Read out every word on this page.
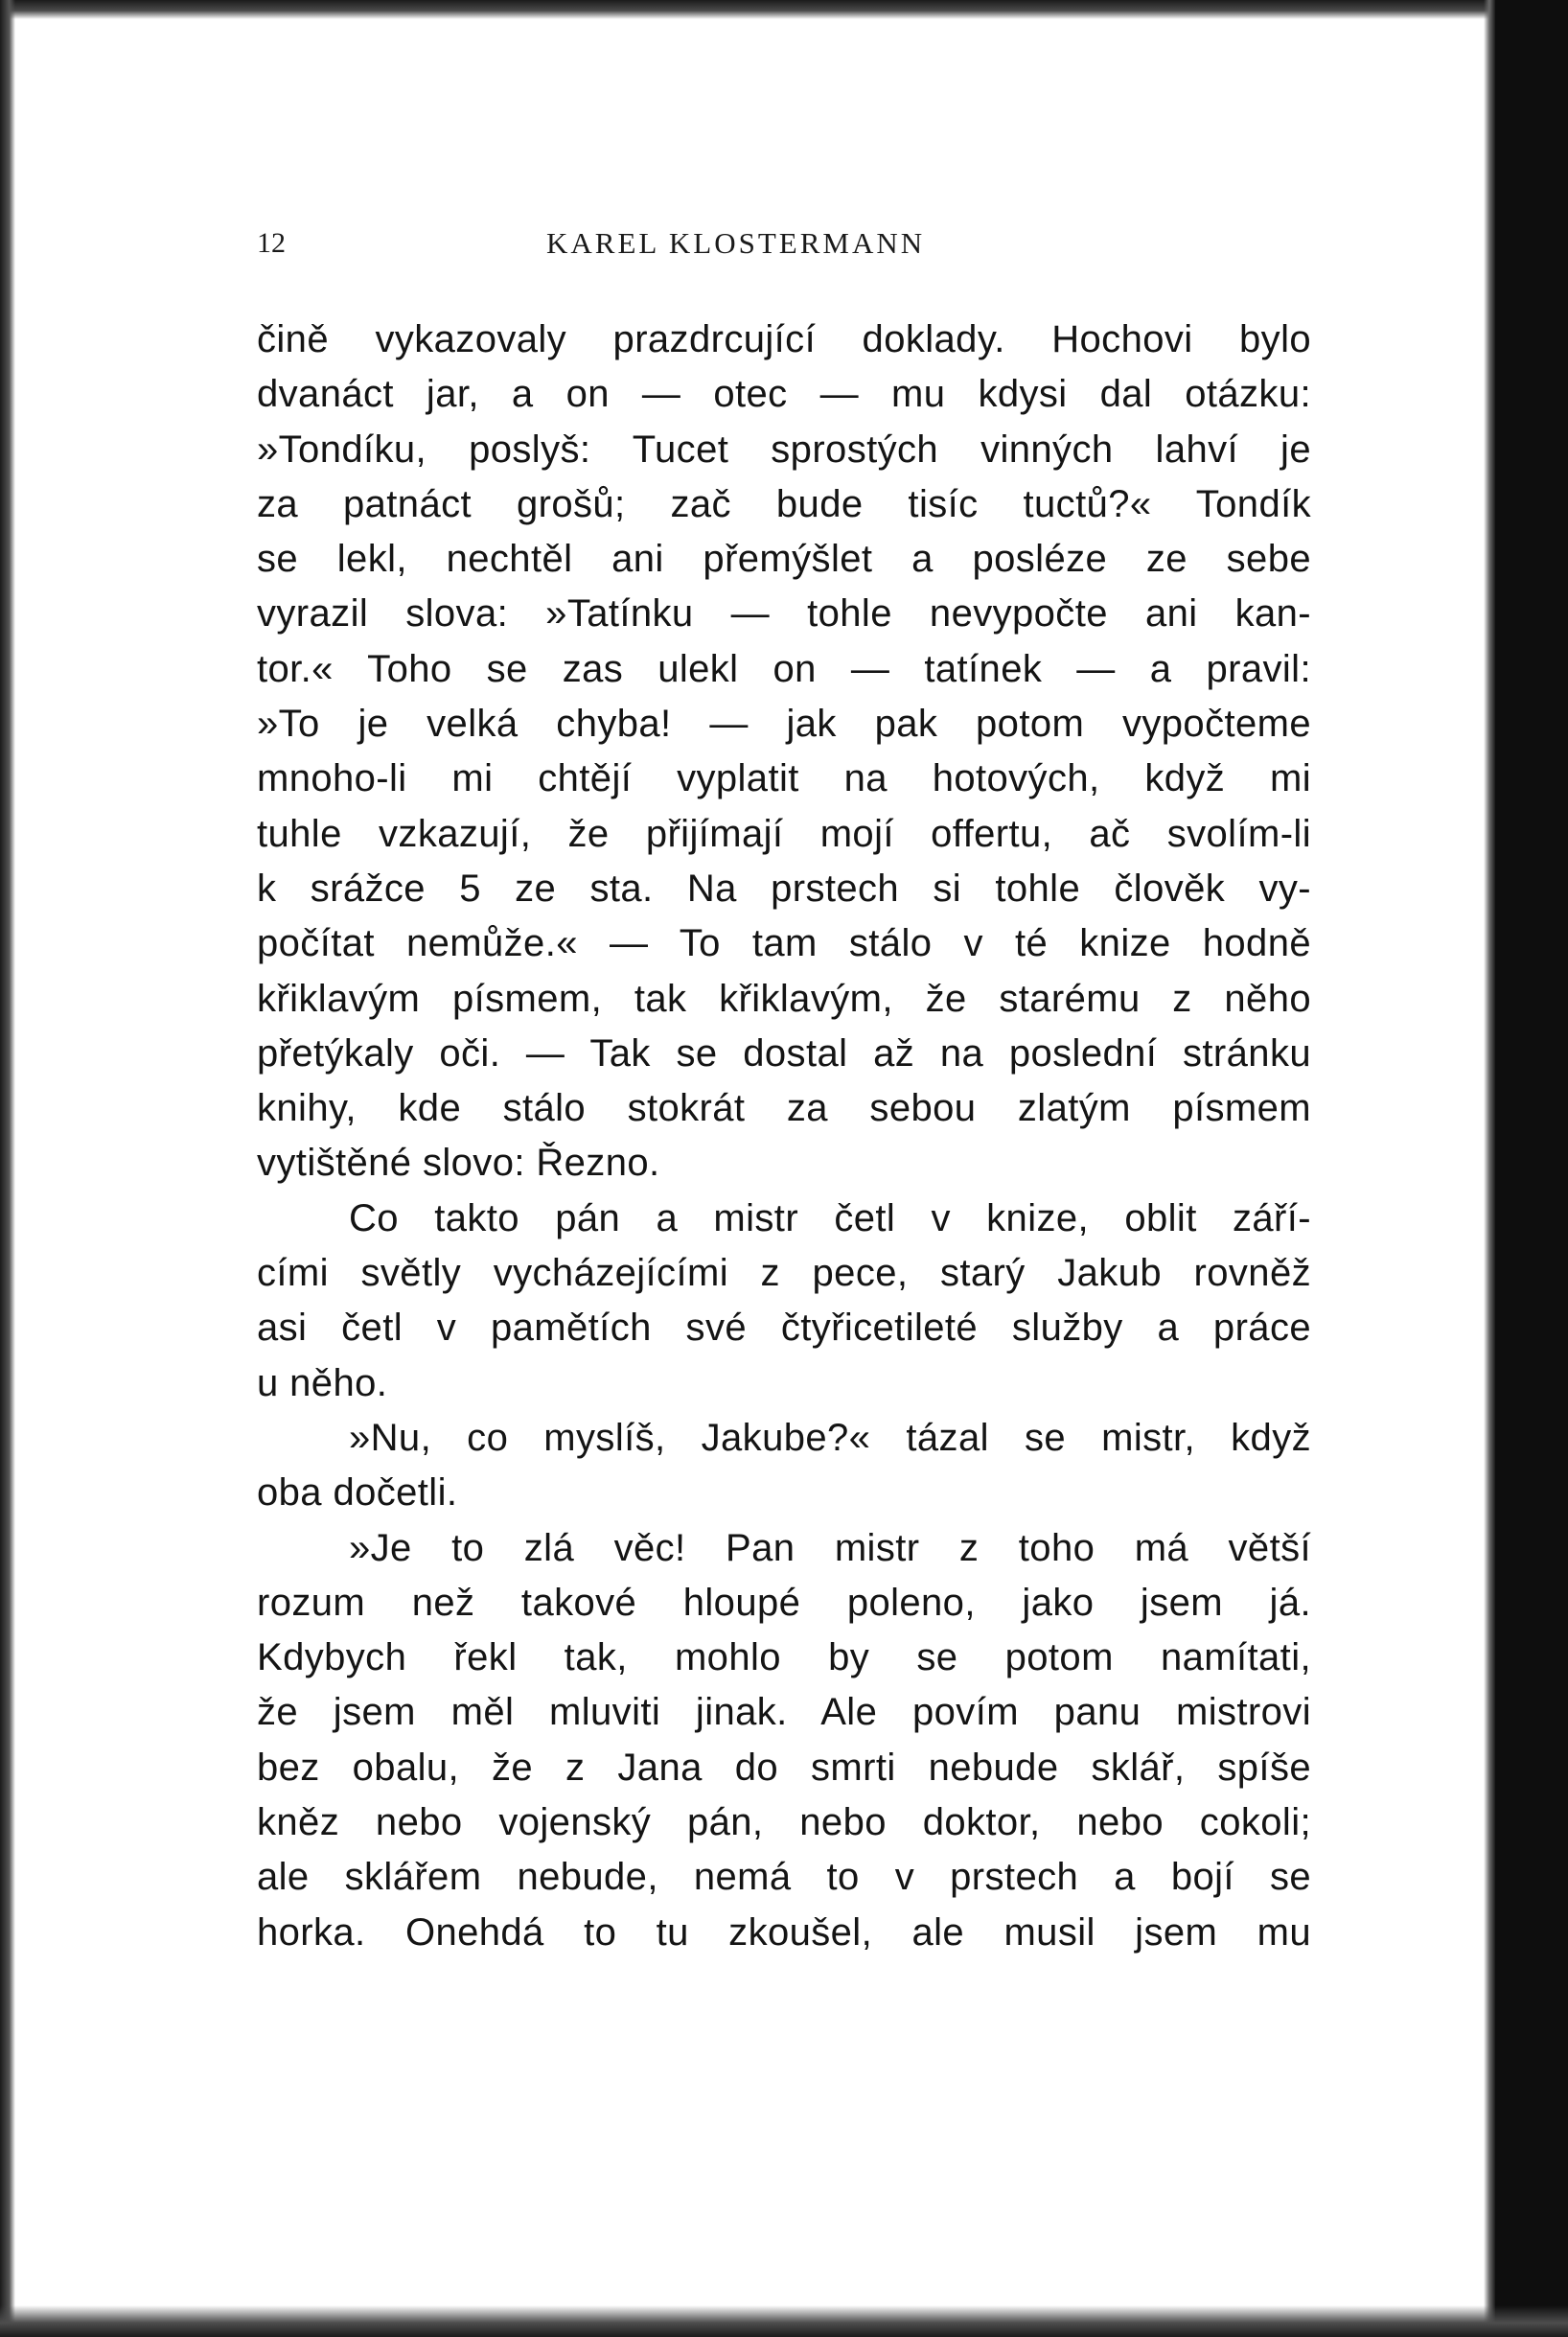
12	KAREL KLOSTERMANN
čině vykazovaly prazdrcující doklady. Hochovi bylo
dvanáct jar, a on — otec — mu kdysi dal otázku:
»Tondíku, poslyš: Tucet sprostých vinných lahví je
za patnáct grošů; zač bude tisíc tuctů?« Tondík
se lekl, nechtěl ani přemýšlet a posléze ze sebe
vyrazil slova: »Tatínku — tohle nevypočte ani kan-
tor.« Toho se zas ulekl on — tatínek — a pravil:
»To je velká chyba! — jak pak potom vypočteme
mnoho-li mi chtějí vyplatit na hotových, když mi
tuhle vzkazují, že přijímají mojí offertu, ač svolím-li
k srážce 5 ze sta. Na prstech si tohle člověk vy-
počítat nemůže.« — To tam stálo v té knize hodně
křiklavým písmem, tak křiklavým, že starému z něho
přetýkaly oči. — Tak se dostal až na poslední stránku
knihy, kde stálo stokrát za sebou zlatým písmem
vytištěné slovo: Řezno.
Co takto pán a mistr četl v knize, oblit září-
cími světly vycházejícími z pece, starý Jakub rovněž
asi četl v pamětích své čtyřicetileté služby a práce
u něho.
»Nu, co myslíš, Jakube?« tázal se mistr, když
oba dočetli.
»Je to zlá věc! Pan mistr z toho má větší
rozum než takové hloupé poleno, jako jsem já.
Kdybych řekl tak, mohlo by se potom namítati,
že jsem měl mluviti jinak. Ale povím panu mistrovi
bez obalu, že z Jana do smrti nebude sklář, spíše
kněz nebo vojenský pán, nebo doktor, nebo cokoli;
ale sklářem nebude, nemá to v prstech a bojí se
horka. Onehdá to tu zkoušel, ale musil jsem mu
